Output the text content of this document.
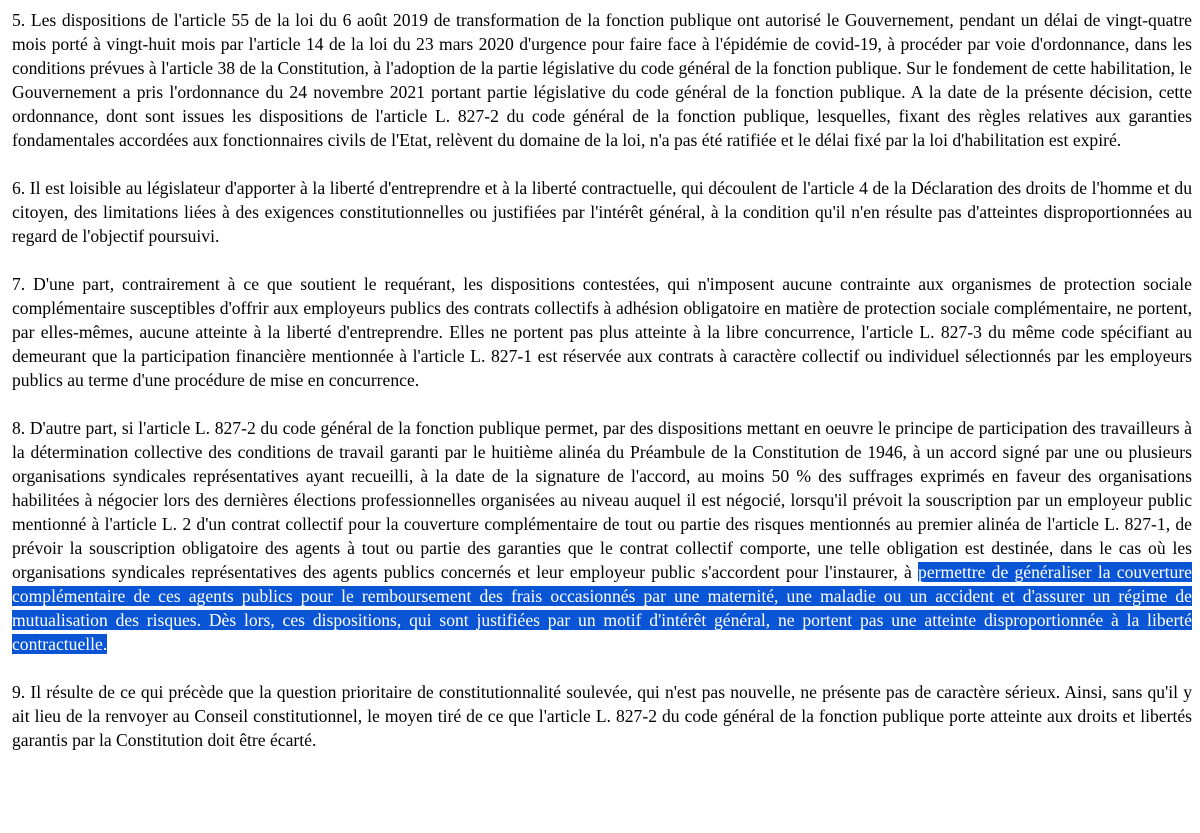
5. Les dispositions de l'article 55 de la loi du 6 août 2019 de transformation de la fonction publique ont autorisé le Gouvernement, pendant un délai de vingt-quatre mois porté à vingt-huit mois par l'article 14 de la loi du 23 mars 2020 d'urgence pour faire face à l'épidémie de covid-19, à procéder par voie d'ordonnance, dans les conditions prévues à l'article 38 de la Constitution, à l'adoption de la partie législative du code général de la fonction publique. Sur le fondement de cette habilitation, le Gouvernement a pris l'ordonnance du 24 novembre 2021 portant partie législative du code général de la fonction publique. A la date de la présente décision, cette ordonnance, dont sont issues les dispositions de l'article L. 827-2 du code général de la fonction publique, lesquelles, fixant des règles relatives aux garanties fondamentales accordées aux fonctionnaires civils de l'Etat, relèvent du domaine de la loi, n'a pas été ratifiée et le délai fixé par la loi d'habilitation est expiré.

6. Il est loisible au législateur d'apporter à la liberté d'entreprendre et à la liberté contractuelle, qui découlent de l'article 4 de la Déclaration des droits de l'homme et du citoyen, des limitations liées à des exigences constitutionnelles ou justifiées par l'intérêt général, à la condition qu'il n'en résulte pas d'atteintes disproportionnées au regard de l'objectif poursuivi.

7. D'une part, contrairement à ce que soutient le requérant, les dispositions contestées, qui n'imposent aucune contrainte aux organismes de protection sociale complémentaire susceptibles d'offrir aux employeurs publics des contrats collectifs à adhésion obligatoire en matière de protection sociale complémentaire, ne portent, par elles-mêmes, aucune atteinte à la liberté d'entreprendre. Elles ne portent pas plus atteinte à la libre concurrence, l'article L. 827-3 du même code spécifiant au demeurant que la participation financière mentionnée à l'article L. 827-1 est réservée aux contrats à caractère collectif ou individuel sélectionnés par les employeurs publics au terme d'une procédure de mise en concurrence.

8. D'autre part, si l'article L. 827-2 du code général de la fonction publique permet, par des dispositions mettant en oeuvre le principe de participation des travailleurs à la détermination collective des conditions de travail garanti par le huitième alinéa du Préambule de la Constitution de 1946, à un accord signé par une ou plusieurs organisations syndicales représentatives ayant recueilli, à la date de la signature de l'accord, au moins 50 % des suffrages exprimés en faveur des organisations habilitées à négocier lors des dernières élections professionnelles organisées au niveau auquel il est négocié, lorsqu'il prévoit la souscription par un employeur public mentionné à l'article L. 2 d'un contrat collectif pour la couverture complémentaire de tout ou partie des risques mentionnés au premier alinéa de l'article L. 827-1, de prévoir la souscription obligatoire des agents à tout ou partie des garanties que le contrat collectif comporte, une telle obligation est destinée, dans le cas où les organisations syndicales représentatives des agents publics concernés et leur employeur public s'accordent pour l'instaurer, à permettre de généraliser la couverture complémentaire de ces agents publics pour le remboursement des frais occasionnés par une maternité, une maladie ou un accident et d'assurer un régime de mutualisation des risques. Dès lors, ces dispositions, qui sont justifiées par un motif d'intérêt général, ne portent pas une atteinte disproportionnée à la liberté contractuelle.

9. Il résulte de ce qui précède que la question prioritaire de constitutionnalité soulevée, qui n'est pas nouvelle, ne présente pas de caractère sérieux. Ainsi, sans qu'il y ait lieu de la renvoyer au Conseil constitutionnel, le moyen tiré de ce que l'article L. 827-2 du code général de la fonction publique porte atteinte aux droits et libertés garantis par la Constitution doit être écarté.
